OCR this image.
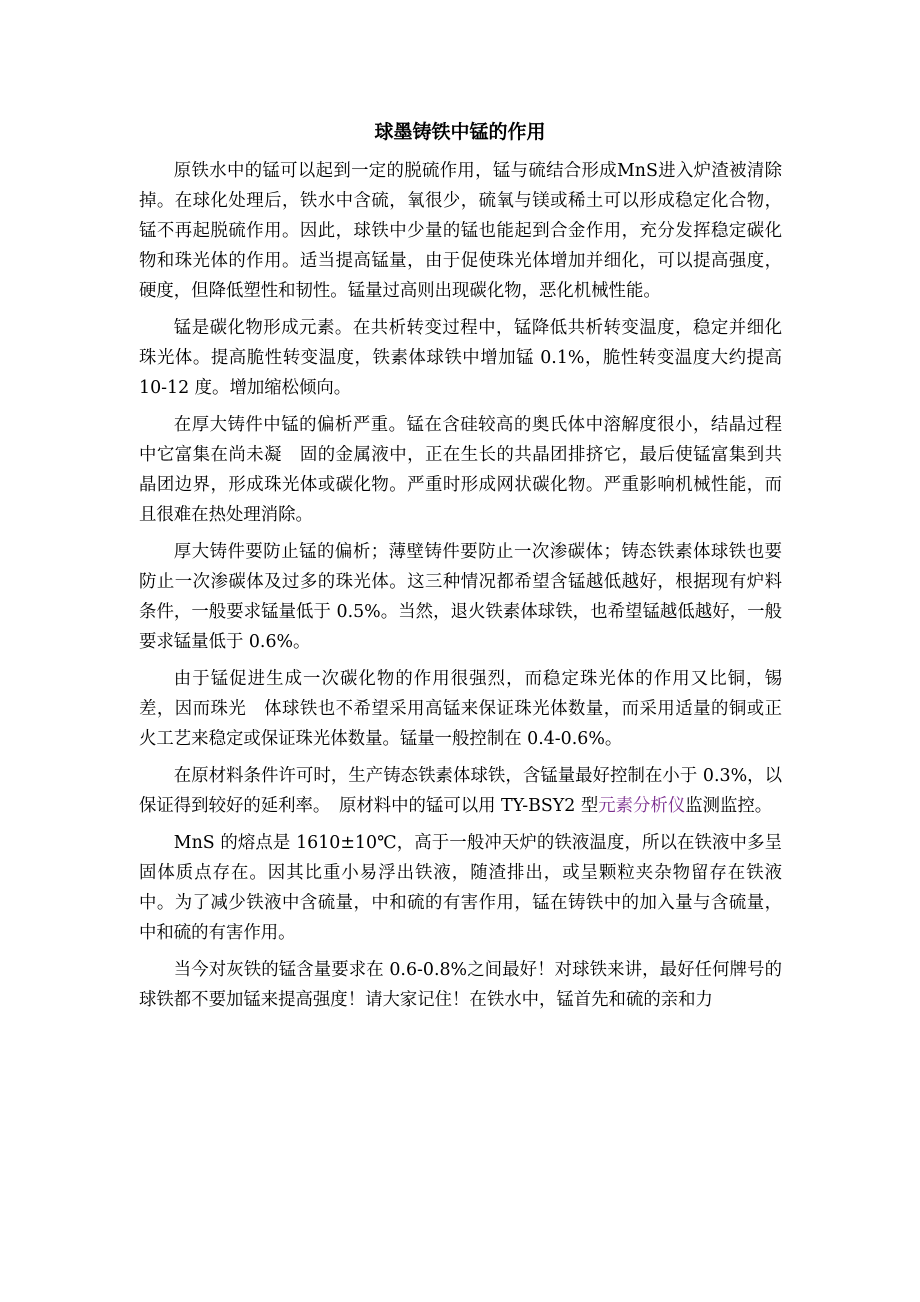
球墨铸铁中锰的作用

原铁水中的锰可以起到一定的脱硫作用，锰与硫结合形成MnS进入炉渣被清除掉。在球化处理后，铁水中含硫，氧很少，硫氧与镁或稀土可以形成稳定化合物，锰不再起脱硫作用。因此，球铁中少量的锰也能起到合金作用，充分发挥稳定碳化物和珠光体的作用。适当提高锰量，由于促使珠光体增加并细化，可以提高强度，硬度，但降低塑性和韧性。锰量过高则出现碳化物，恶化机械性能。

锰是碳化物形成元素。在共析转变过程中，锰降低共析转变温度，稳定并细化珠光体。提高脆性转变温度，铁素体球铁中增加锰 0.1%，脆性转变温度大约提高 10-12 度。增加缩松倾向。

在厚大铸件中锰的偏析严重。锰在含硅较高的奥氏体中溶解度很小，结晶过程中它富集在尚未凝　固的金属液中，正在生长的共晶团排挤它，最后使锰富集到共晶团边界，形成珠光体或碳化物。严重时形成网状碳化物。严重影响机械性能，而且很难在热处理消除。

厚大铸件要防止锰的偏析；薄壁铸件要防止一次渗碳体；铸态铁素体球铁也要防止一次渗碳体及过多的珠光体。这三种情况都希望含锰越低越好，根据现有炉料条件，一般要求锰量低于 0.5%。当然，退火铁素体球铁，也希望锰越低越好，一般要求锰量低于 0.6%。

由于锰促进生成一次碳化物的作用很强烈，而稳定珠光体的作用又比铜，锡差，因而珠光　体球铁也不希望采用高锰来保证珠光体数量，而采用适量的铜或正火工艺来稳定或保证珠光体数量。锰量一般控制在 0.4-0.6%。

在原材料条件许可时，生产铸态铁素体球铁，含锰量最好控制在小于 0.3%，以保证得到较好的延利率。　原材料中的锰可以用 TY-BSY2 型元素分析仪监测监控。

MnS 的熔点是 1610±10℃，高于一般冲天炉的铁液温度，所以在铁液中多呈固体质点存在。因其比重小易浮出铁液，随渣排出，或呈颗粒夹杂物留存在铁液中。为了减少铁液中含硫量，中和硫的有害作用，锰在铸铁中的加入量与含硫量，中和硫的有害作用。

当今对灰铁的锰含量要求在 0.6-0.8%之间最好！对球铁来讲，最好任何牌号的球铁都不要加锰来提高强度！请大家记住！在铁水中，锰首先和硫的亲和力
